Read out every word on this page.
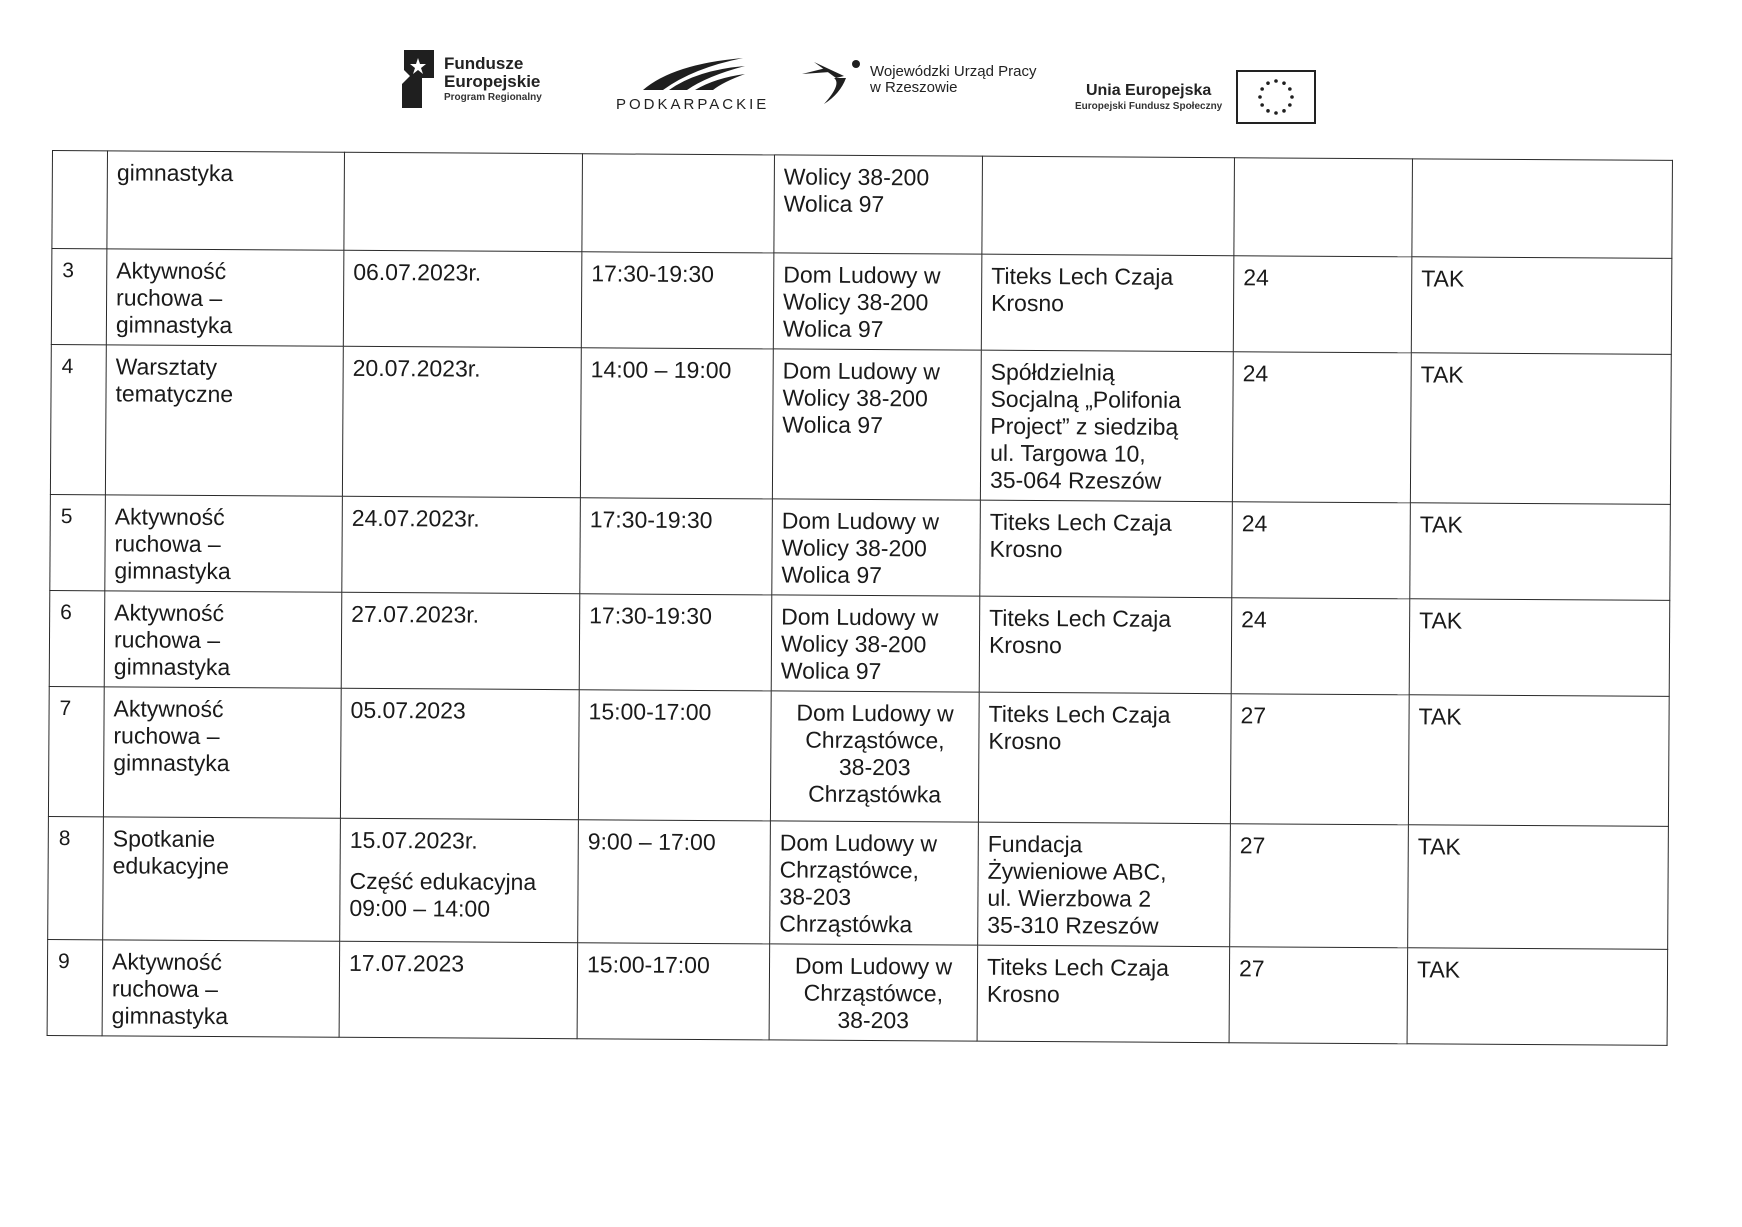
Fundusze
Europejskie
Program Regionalny	PODKARPACKIE
Wojewódzki Urząd Pracy
w Rzeszowie	Unia Europejska
Europejski Fundusz Społeczny

	gimnastyka			Wolicy 38-200
Wolica 97			

3	Aktywność
ruchowa –
gimnastyka	06.07.2023r.	17:30-19:30	Dom Ludowy w
Wolicy 38-200
Wolica 97	Titeks Lech Czaja
Krosno	24	TAK

4	Warsztaty
tematyczne	20.07.2023r.	14:00 – 19:00	Dom Ludowy w
Wolicy 38-200
Wolica 97	Spółdzielnią
Socjalną „Polifonia
Project” z siedzibą
ul. Targowa 10,
35-064 Rzeszów	24	TAK

5	Aktywność
ruchowa –
gimnastyka	24.07.2023r.	17:30-19:30	Dom Ludowy w
Wolicy 38-200
Wolica 97	Titeks Lech Czaja
Krosno	24	TAK

6	Aktywność
ruchowa –
gimnastyka	27.07.2023r.	17:30-19:30	Dom Ludowy w
Wolicy 38-200
Wolica 97	Titeks Lech Czaja
Krosno	24	TAK

7	Aktywność
ruchowa –
gimnastyka	05.07.2023	15:00-17:00	Dom Ludowy w
Chrząstówce,
38-203
Chrząstówka	Titeks Lech Czaja
Krosno	27	TAK

8	Spotkanie
edukacyjne	15.07.2023r.
Część edukacyjna
09:00 – 14:00	9:00 – 17:00	Dom Ludowy w
Chrząstówce,
38-203
Chrząstówka	Fundacja
Żywieniowe ABC,
ul. Wierzbowa 2
35-310 Rzeszów	27	TAK

9	Aktywność
ruchowa –
gimnastyka	17.07.2023	15:00-17:00	Dom Ludowy w
Chrząstówce,
38-203	Titeks Lech Czaja
Krosno	27	TAK
